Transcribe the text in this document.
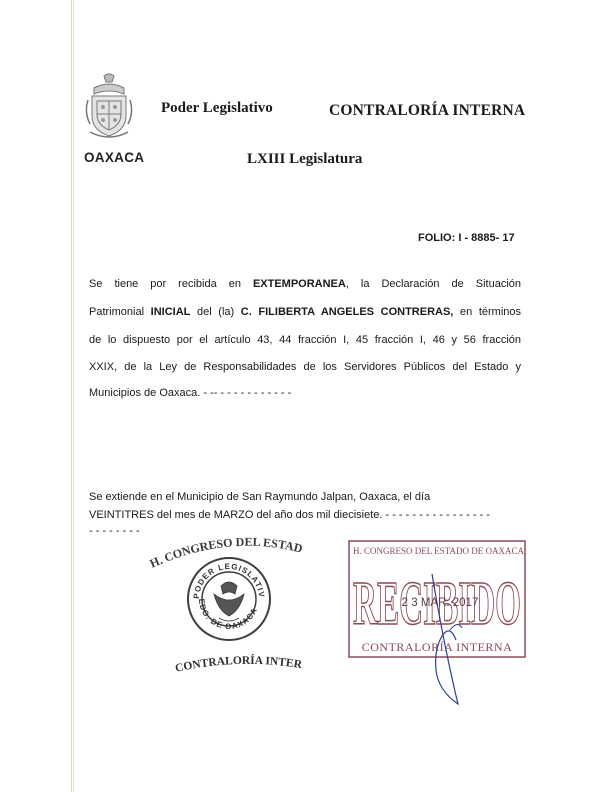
OAXACA
Poder Legislativo	CONTRALORÍA INTERNA
LXIII Legislatura
FOLIO: I - 8885- 17
Se tiene por recibida en EXTEMPORANEA, la Declaración de Situación
Patrimonial INICIAL del (la) C. FILIBERTA ANGELES CONTRERAS, en términos
de lo dispuesto por el artículo 43, 44 fracción I, 45 fracción I, 46 y 56 fracción
XXIX, de la Ley de Responsabilidades de los Servidores Públicos del Estado y
Municipios de Oaxaca. - -- - - - - - - - - - - -
Se extiende en el Municipio de San Raymundo Jalpan, Oaxaca, el día
VEINTITRES del mes de MARZO del año dos mil diecisiete. - - - - - - - - - - - - - - - -
- - - - - - - -
H. CONGRESO DEL ESTAD
PODER LEGISLATIV
EDO. DE OAXACA
CONTRALORÍA INTER
H. CONGRESO DEL ESTADO DE OAXACA
RECIBIDO
2 3 MAR. 2017
CONTRALORÍA INTERNA
